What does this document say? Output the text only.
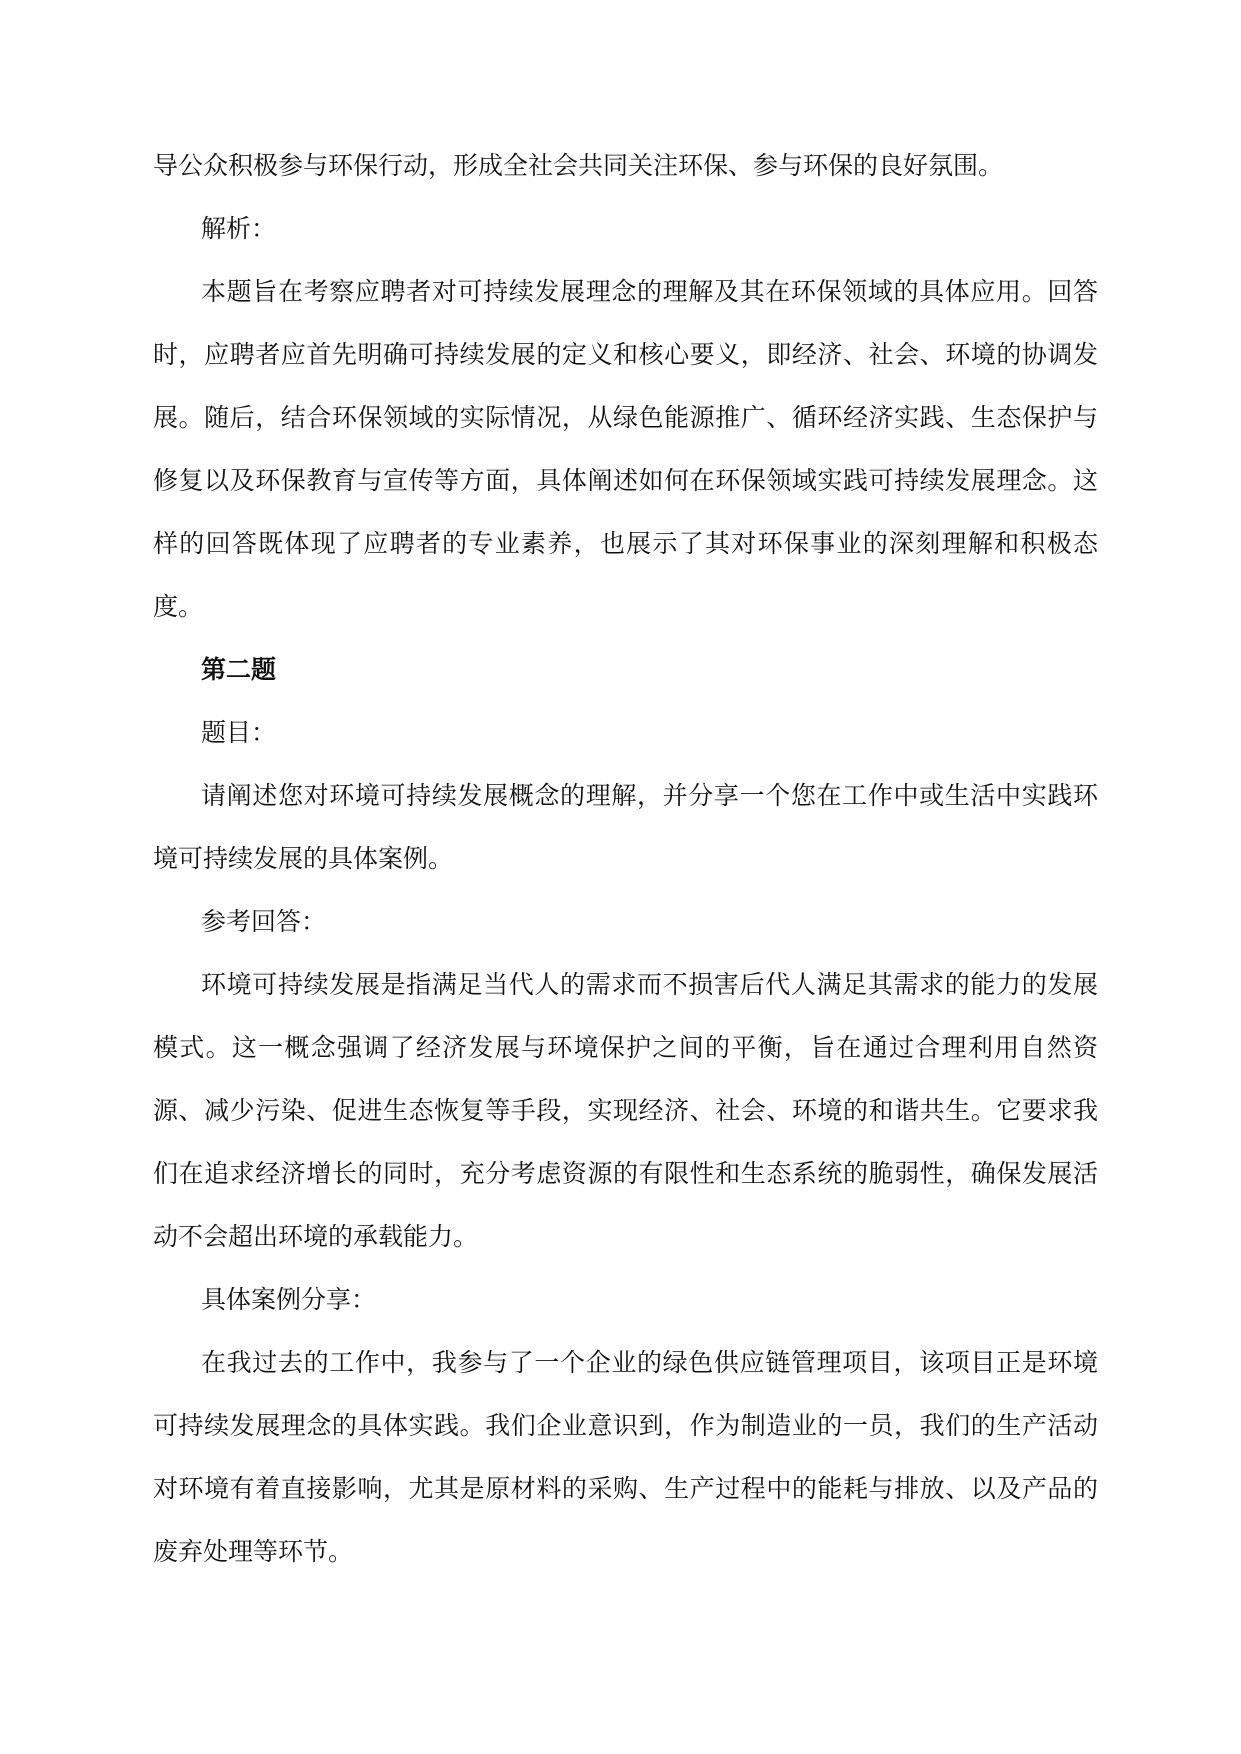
导公众积极参与环保行动，形成全社会共同关注环保、参与环保的良好氛围。

解析：

本题旨在考察应聘者对可持续发展理念的理解及其在环保领域的具体应用。回答时，应聘者应首先明确可持续发展的定义和核心要义，即经济、社会、环境的协调发展。随后，结合环保领域的实际情况，从绿色能源推广、循环经济实践、生态保护与修复以及环保教育与宣传等方面，具体阐述如何在环保领域实践可持续发展理念。这样的回答既体现了应聘者的专业素养，也展示了其对环保事业的深刻理解和积极态度。

第二题

题目：

请阐述您对环境可持续发展概念的理解，并分享一个您在工作中或生活中实践环境可持续发展的具体案例。

参考回答：

环境可持续发展是指满足当代人的需求而不损害后代人满足其需求的能力的发展模式。这一概念强调了经济发展与环境保护之间的平衡，旨在通过合理利用自然资源、减少污染、促进生态恢复等手段，实现经济、社会、环境的和谐共生。它要求我们在追求经济增长的同时，充分考虑资源的有限性和生态系统的脆弱性，确保发展活动不会超出环境的承载能力。

具体案例分享：

在我过去的工作中，我参与了一个企业的绿色供应链管理项目，该项目正是环境可持续发展理念的具体实践。我们企业意识到，作为制造业的一员，我们的生产活动对环境有着直接影响，尤其是原材料的采购、生产过程中的能耗与排放、以及产品的废弃处理等环节。
